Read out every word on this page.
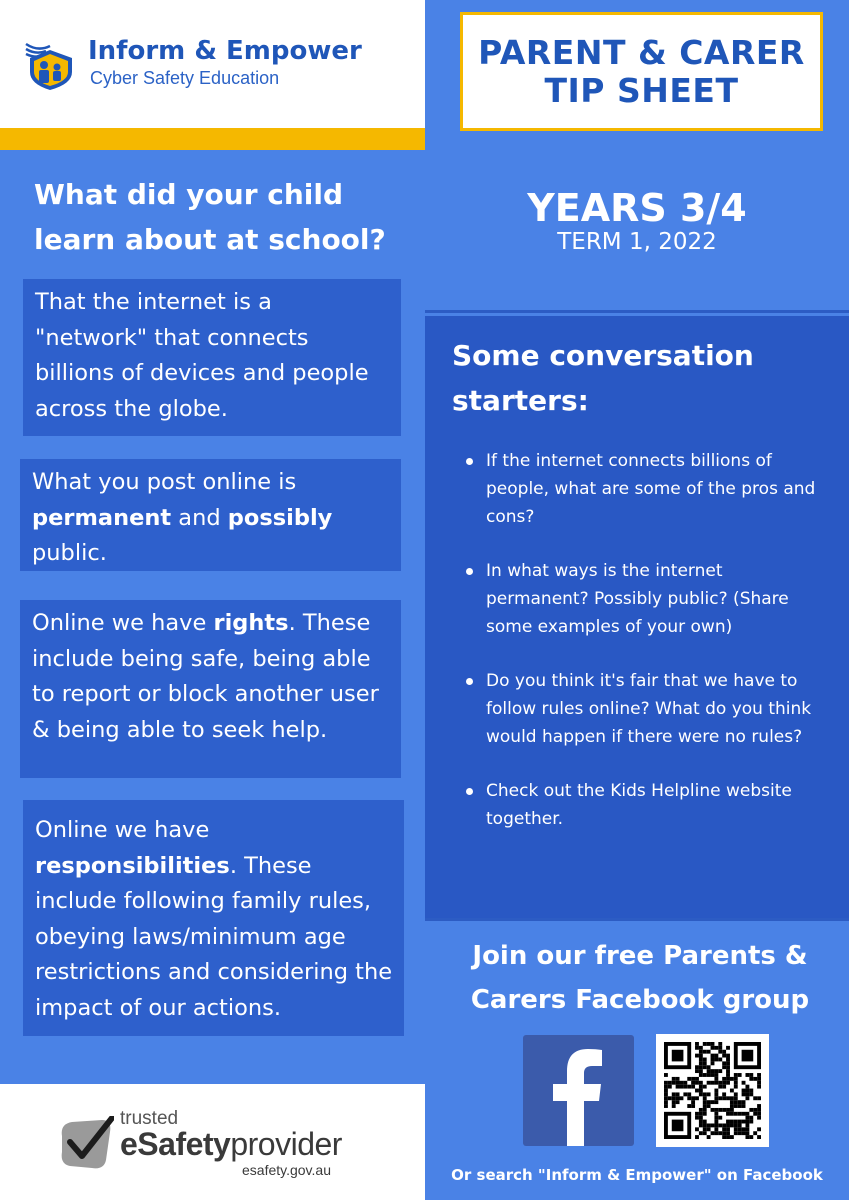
Inform & Empower
Cyber Safety Education
What did your child learn about at school?
That the internet is a "network" that connects billions of devices and people across the globe.
What you post online is permanent and possibly public.
Online we have rights. These include being safe, being able to report or block another user & being able to seek help.
Online we have responsibilities. These include following family rules, obeying laws/minimum age restrictions and considering the impact of our actions.
trusted
eSafetyprovider
esafety.gov.au
PARENT & CARER
TIP SHEET
YEARS 3/4
TERM 1, 2022
Some conversation starters:
If the internet connects billions of people, what are some of the pros and cons?
In what ways is the internet permanent? Possibly public? (Share some examples of your own)
Do you think it's fair that we have to follow rules online? What do you think would happen if there were no rules?
Check out the Kids Helpline website together.
Join our free Parents & Carers Facebook group
Or search "Inform & Empower" on Facebook
